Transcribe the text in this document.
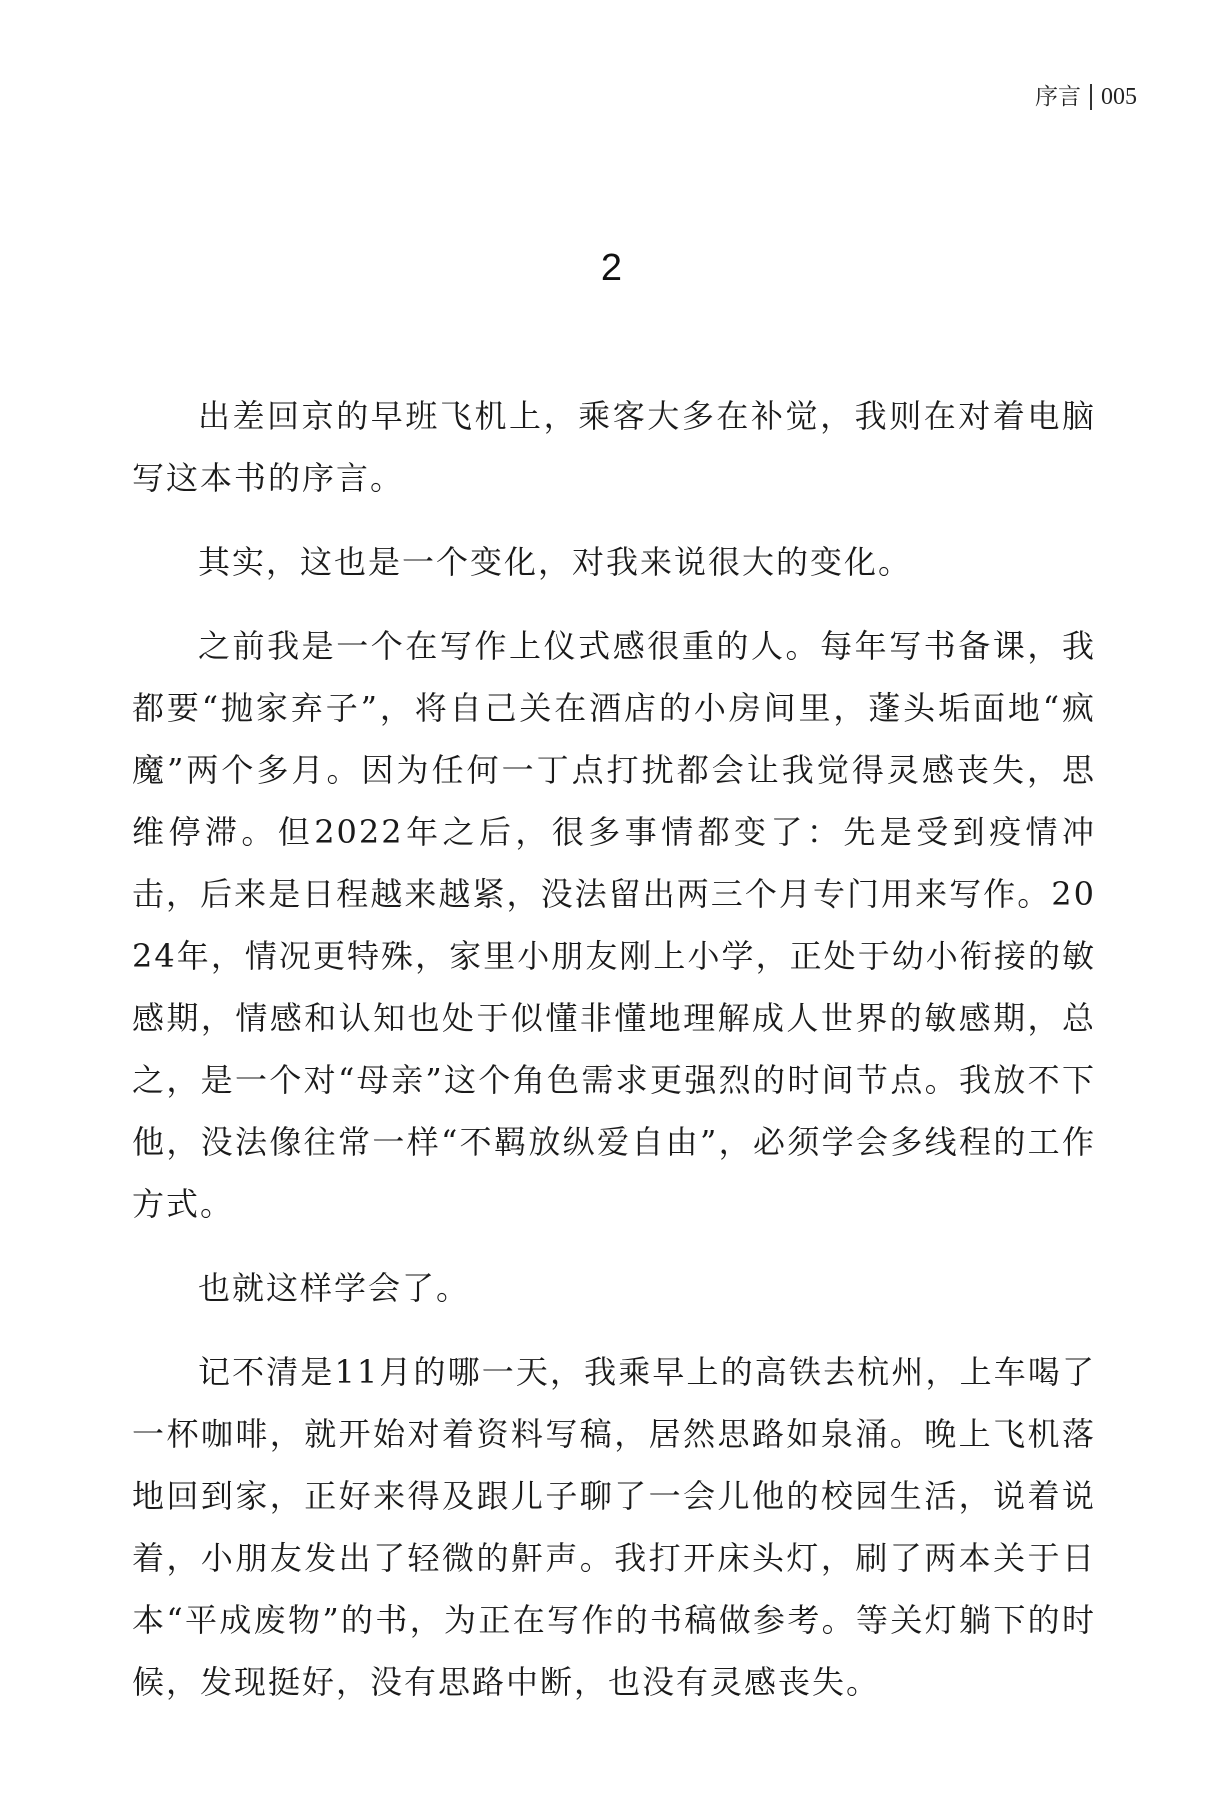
序言 005
2

出差回京的早班飞机上，乘客大多在补觉，我则在对着电脑写这本书的序言。

其实，这也是一个变化，对我来说很大的变化。

之前我是一个在写作上仪式感很重的人。每年写书备课，我都要“抛家弃子”，将自己关在酒店的小房间里，蓬头垢面地“疯魔”两个多月。因为任何一丁点打扰都会让我觉得灵感丧失，思维停滞。但2022年之后，很多事情都变了：先是受到疫情冲击，后来是日程越来越紧，没法留出两三个月专门用来写作。2024年，情况更特殊，家里小朋友刚上小学，正处于幼小衔接的敏感期，情感和认知也处于似懂非懂地理解成人世界的敏感期，总之，是一个对“母亲”这个角色需求更强烈的时间节点。我放不下他，没法像往常一样“不羁放纵爱自由”，必须学会多线程的工作方式。

也就这样学会了。

记不清是11月的哪一天，我乘早上的高铁去杭州，上车喝了一杯咖啡，就开始对着资料写稿，居然思路如泉涌。晚上飞机落地回到家，正好来得及跟儿子聊了一会儿他的校园生活，说着说着，小朋友发出了轻微的鼾声。我打开床头灯，刷了两本关于日本“平成废物”的书，为正在写作的书稿做参考。等关灯躺下的时候，发现挺好，没有思路中断，也没有灵感丧失。
